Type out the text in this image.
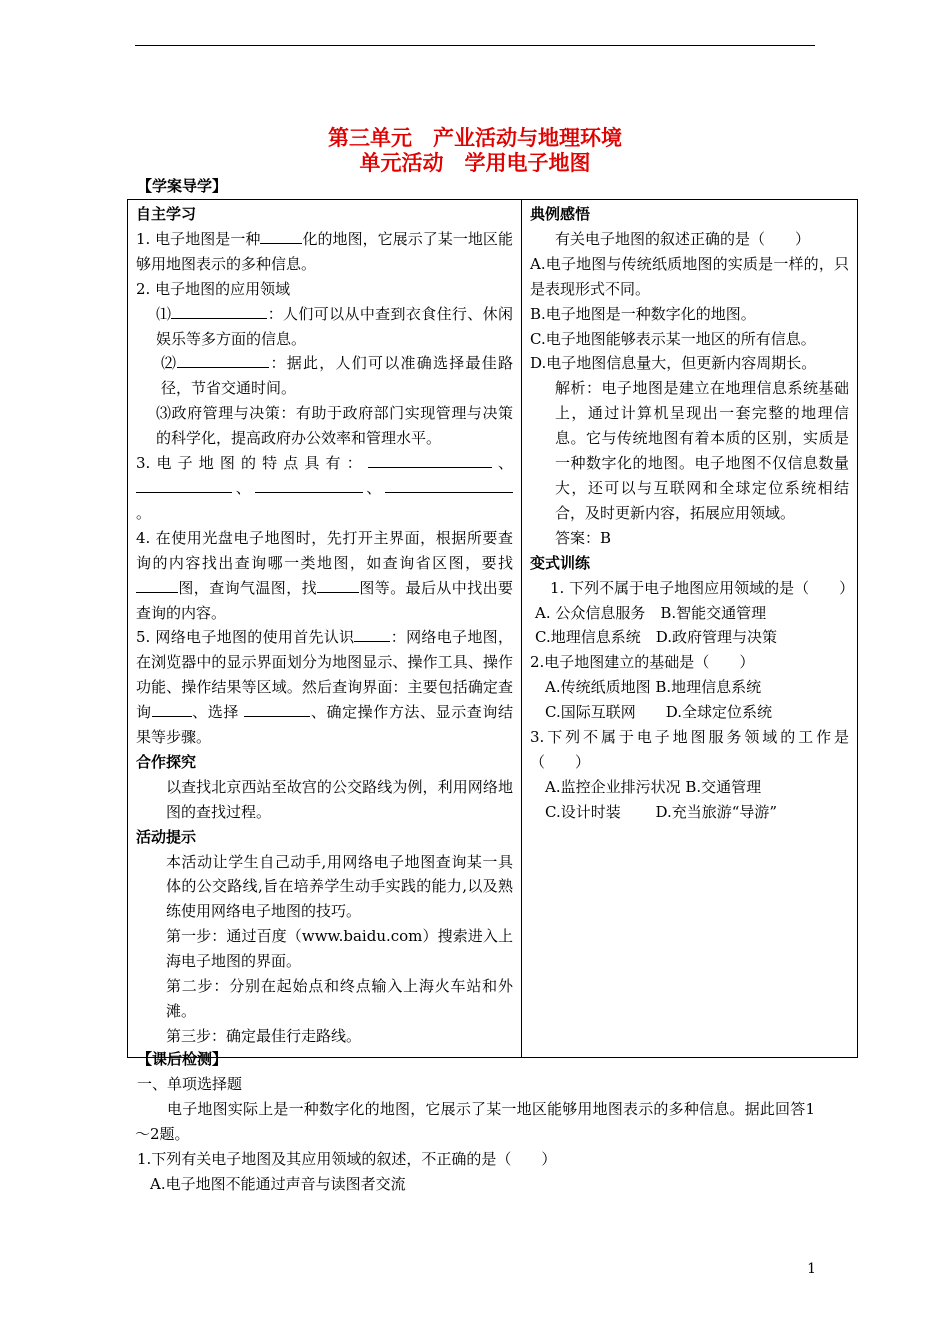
第三单元　产业活动与地理环境
单元活动　学用电子地图
【学案导学】
自主学习
1. 电子地图是一种	化的地图，它展示了某一地区能够用地图表示的多种信息。
2. 电子地图的应用领域
⑴	：人们可以从中查到衣食住行、休闲娱乐等多方面的信息。
⑵	：据此，人们可以准确选择最佳路径，节省交通时间。
⑶政府管理与决策：有助于政府部门实现管理与决策的科学化，提高政府办公效率和管理水平。
3.电子地图的特点具有：	、、	、。
4. 在使用光盘电子地图时，先打开主界面，根据所要查询的内容找出查询哪一类地图，如查询省区图，要找图，查询气温图，找	图等。最后从中找出要查询的内容。
5. 网络电子地图的使用首先认识 ：网络电子地图，在浏览器中的显示界面划分为地图显示、操作工具、操作功能、操作结果等区域。然后查询界面：主要包括确定查询	、选择	、确定操作方法、显示查询结果等步骤。
合作探究
以查找北京西站至故宫的公交路线为例，利用网络地图的查找过程。
活动提示
本活动让学生自己动手,用网络电子地图查询某一具体的公交路线,旨在培养学生动手实践的能力,以及熟练使用网络电子地图的技巧。
第一步：通过百度（www.baidu.com）搜索进入上海电子地图的界面。
第二步：分别在起始点和终点输入上海火车站和外滩。
第三步：确定最佳行走路线。

典例感悟
有关电子地图的叙述正确的是（　　）
A.电子地图与传统纸质地图的实质是一样的，只是表现形式不同。
B.电子地图是一种数字化的地图。
C.电子地图能够表示某一地区的所有信息。
D.电子地图信息量大，但更新内容周期长。
解析：电子地图是建立在地理信息系统基础上，通过计算机呈现出一套完整的地理信息。它与传统地图有着本质的区别，实质是一种数字化的地图。电子地图不仅信息数量大，还可以与互联网和全球定位系统相结合，及时更新内容，拓展应用领域。
答案：B
变式训练
1. 下列不属于电子地图应用领域的是（　　）
A. 公众信息服务　B.智能交通管理
C.地理信息系统　D.政府管理与决策
2.电子地图建立的基础是（　　）
A.传统纸质地图 B.地理信息系统
C.国际互联网　　D.全球定位系统
3.下列不属于电子地图服务领域的工作是（　　）
A.监控企业排污状况 B.交通管理
C.设计时装　　 D.充当旅游“导游”
【课后检测】
一、单项选择题
电子地图实际上是一种数字化的地图，它展示了某一地区能够用地图表示的多种信息。据此回答1～2题。
1.下列有关电子地图及其应用领域的叙述，不正确的是（　　）
A.电子地图不能通过声音与读图者交流
1
